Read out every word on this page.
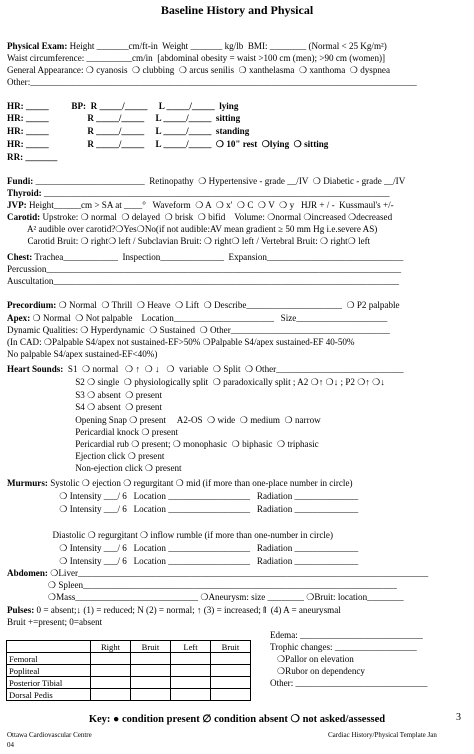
Baseline History and Physical
Physical Exam: Height _______cm/ft-in  Weight _______ kg/lb  BMI: ________ (Normal < 25 Kg/m²)
Waist circumference: __________cm/in  [abdominal obesity = waist >100 cm (men); >90 cm (women)]
General Appearance: ❍ cyanosis  ❍ clubbing  ❍ arcus senilis  ❍ xanthelasma  ❍ xanthoma  ❍ dyspnea
Other:_____________________________________________________________________________________
HR: _____          BP:  R _____/_____     L _____/_____  lying
HR: _____                 R _____/_____     L _____/_____  sitting
HR: _____                 R _____/_____     L _____/_____  standing
HR: _____                 R _____/_____     L _____/_____  ❍ 10" rest  ❍lying  ❍ sitting
RR: _______
Fundi: ________________________  Retinopathy  ❍ Hypertensive - grade __/IV  ❍ Diabetic - grade __/IV
Thyroid: ____________________________________________________________________________
JVP: Height______cm > SA at ____°   Waveform  ❍ A  ❍ x'  ❍ C  ❍ V  ❍ y   HJR + / -  Kussmaul's +/-
Carotid: Upstroke: ❍ normal  ❍ delayed  ❍ brisk  ❍ bifid    Volume: ❍normal ❍increased ❍decreased
A² audible over carotid?❍Yes❍No(if not audible:AV mean gradient ≥ 50 mm Hg i.e.severe AS)
Carotid Bruit: ❍ right❍ left / Subclavian Bruit: ❍ right❍ left / Vertebral Bruit: ❍ right❍ left
Chest: Trachea____________  Inspection______________  Expansion______________________________
Percussion______________________________________________________________________________
Auscultation____________________________________________________________________________
Precordium: ❍ Normal  ❍ Thrill  ❍ Heave  ❍ Lift  ❍ Describe_____________________  ❍ P2 palpable
Apex: ❍ Normal  ❍ Not palpable    Location______________________   Size____________________
Dynamic Qualities: ❍ Hyperdynamic  ❍ Sustained  ❍ Other___________________________________
(In CAD: ❍Palpable S4/apex not sustained-EF>50% ❍Palpable S4/apex sustained-EF 40-50%
No palpable S4/apex sustained-EF<40%)
Heart Sounds:  S1  ❍ normal   ❍ ↑  ❍ ↓   ❍  variable  ❍ Split  ❍ Other____________________________
S2 ❍ single  ❍ physiologically split  ❍ paradoxically split ; A2 ❍↑ ❍↓ ; P2 ❍↑ ❍↓
S3 ❍ absent  ❍ present
S4 ❍ absent  ❍ present
Opening Snap ❍ present     A2-OS  ❍ wide  ❍ medium  ❍ narrow
Pericardial knock ❍ present
Pericardial rub ❍ present; ❍ monophasic  ❍ biphasic  ❍ triphasic
Ejection click ❍ present
Non-ejection click ❍ present
Murmurs: Systolic ❍ ejection ❍ regurgitant ❍ mid (if more than one-place number in circle)
❍ Intensity ___/ 6   Location __________________   Radiation ______________
❍ Intensity ___/ 6   Location __________________   Radiation ______________
Diastolic ❍ regurgitant ❍ inflow rumble (if more than one-number in circle)
❍ Intensity ___/ 6   Location __________________   Radiation ______________
❍ Intensity ___/ 6   Location __________________   Radiation ______________
Abdomen: ❍Liver_____________________________________________________________________________
❍ Spleen_____________________________________________________________________
❍Mass___________________________ ❍Aneurysm: size ________ ❍Bruit: location________
Pulses: 0 = absent;↓ (1) = reduced; N (2) = normal; ↑ (3) = increased;⇑ (4) A = aneurysmal
Bruit +=present; 0=absent
	Right	Bruit	Left	Bruit
Femoral				
Popliteal				
Posterior Tibial				
Dorsal Pedis				
Edema: ___________________________
Trophic changes: __________________
❍Pallor on elevation
❍Rubor on dependency
Other: _____________________________
Key: ● condition present ∅ condition absent ❍ not asked/assessed	3
Ottawa Cardiovascular Centre
04
Cardiac History/Physical Template Jan
